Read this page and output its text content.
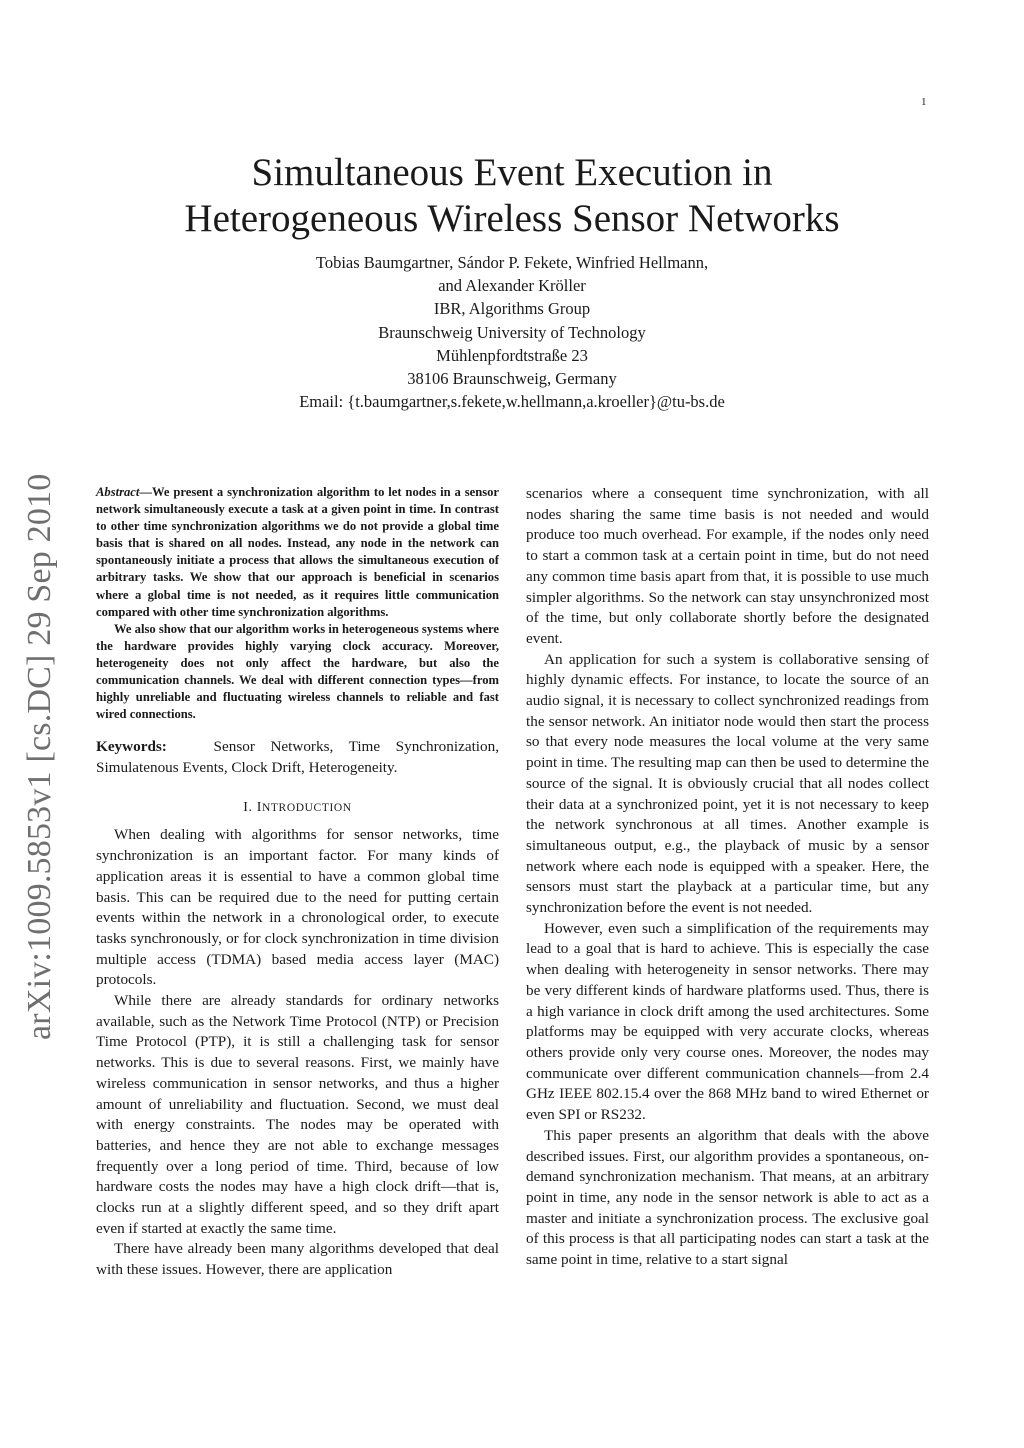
1
arXiv:1009.5853v1 [cs.DC] 29 Sep 2010
Simultaneous Event Execution in
Heterogeneous Wireless Sensor Networks
Tobias Baumgartner, Sándor P. Fekete, Winfried Hellmann,
and Alexander Kröller
IBR, Algorithms Group
Braunschweig University of Technology
Mühlenpfordtstraße 23
38106 Braunschweig, Germany
Email: {t.baumgartner,s.fekete,w.hellmann,a.kroeller}@tu-bs.de

Abstract—We present a synchronization algorithm to let nodes in a sensor network simultaneously execute a task at a given point in time. In contrast to other time synchronization algorithms we do not provide a global time basis that is shared on all nodes. Instead, any node in the network can spontaneously initiate a process that allows the simultaneous execution of arbitrary tasks. We show that our approach is beneficial in scenarios where a global time is not needed, as it requires little communication compared with other time synchronization algorithms.

We also show that our algorithm works in heterogeneous systems where the hardware provides highly varying clock accuracy. Moreover, heterogeneity does not only affect the hardware, but also the communication channels. We deal with different connection types—from highly unreliable and fluctuating wireless channels to reliable and fast wired connections.

Keywords:	Sensor Networks, Time Synchronization, Simulatenous Events, Clock Drift, Heterogeneity.
I. INTRODUCTION

When dealing with algorithms for sensor networks, time synchronization is an important factor. For many kinds of application areas it is essential to have a common global time basis. This can be required due to the need for putting certain events within the network in a chronological order, to execute tasks synchronously, or for clock synchronization in time division multiple access (TDMA) based media access layer (MAC) protocols.

While there are already standards for ordinary networks available, such as the Network Time Protocol (NTP) or Precision Time Protocol (PTP), it is still a challenging task for sensor networks. This is due to several reasons. First, we mainly have wireless communication in sensor networks, and thus a higher amount of unreliability and fluctuation. Second, we must deal with energy constraints. The nodes may be operated with batteries, and hence they are not able to exchange messages frequently over a long period of time. Third, because of low hardware costs the nodes may have a high clock drift—that is, clocks run at a slightly different speed, and so they drift apart even if started at exactly the same time.

There have already been many algorithms developed that deal with these issues. However, there are application

scenarios where a consequent time synchronization, with all nodes sharing the same time basis is not needed and would produce too much overhead. For example, if the nodes only need to start a common task at a certain point in time, but do not need any common time basis apart from that, it is possible to use much simpler algorithms. So the network can stay unsynchronized most of the time, but only collaborate shortly before the designated event.

An application for such a system is collaborative sensing of highly dynamic effects. For instance, to locate the source of an audio signal, it is necessary to collect synchronized readings from the sensor network. An initiator node would then start the process so that every node measures the local volume at the very same point in time. The resulting map can then be used to determine the source of the signal. It is obviously crucial that all nodes collect their data at a synchronized point, yet it is not necessary to keep the network synchronous at all times. Another example is simultaneous output, e.g., the playback of music by a sensor network where each node is equipped with a speaker. Here, the sensors must start the playback at a particular time, but any synchronization before the event is not needed.

However, even such a simplification of the requirements may lead to a goal that is hard to achieve. This is especially the case when dealing with heterogeneity in sensor networks. There may be very different kinds of hardware platforms used. Thus, there is a high variance in clock drift among the used architectures. Some platforms may be equipped with very accurate clocks, whereas others provide only very course ones. Moreover, the nodes may communicate over different communication channels—from 2.4 GHz IEEE 802.15.4 over the 868 MHz band to wired Ethernet or even SPI or RS232.

This paper presents an algorithm that deals with the above described issues. First, our algorithm provides a spontaneous, on-demand synchronization mechanism. That means, at an arbitrary point in time, any node in the sensor network is able to act as a master and initiate a synchronization process. The exclusive goal of this process is that all participating nodes can start a task at the same point in time, relative to a start signal
